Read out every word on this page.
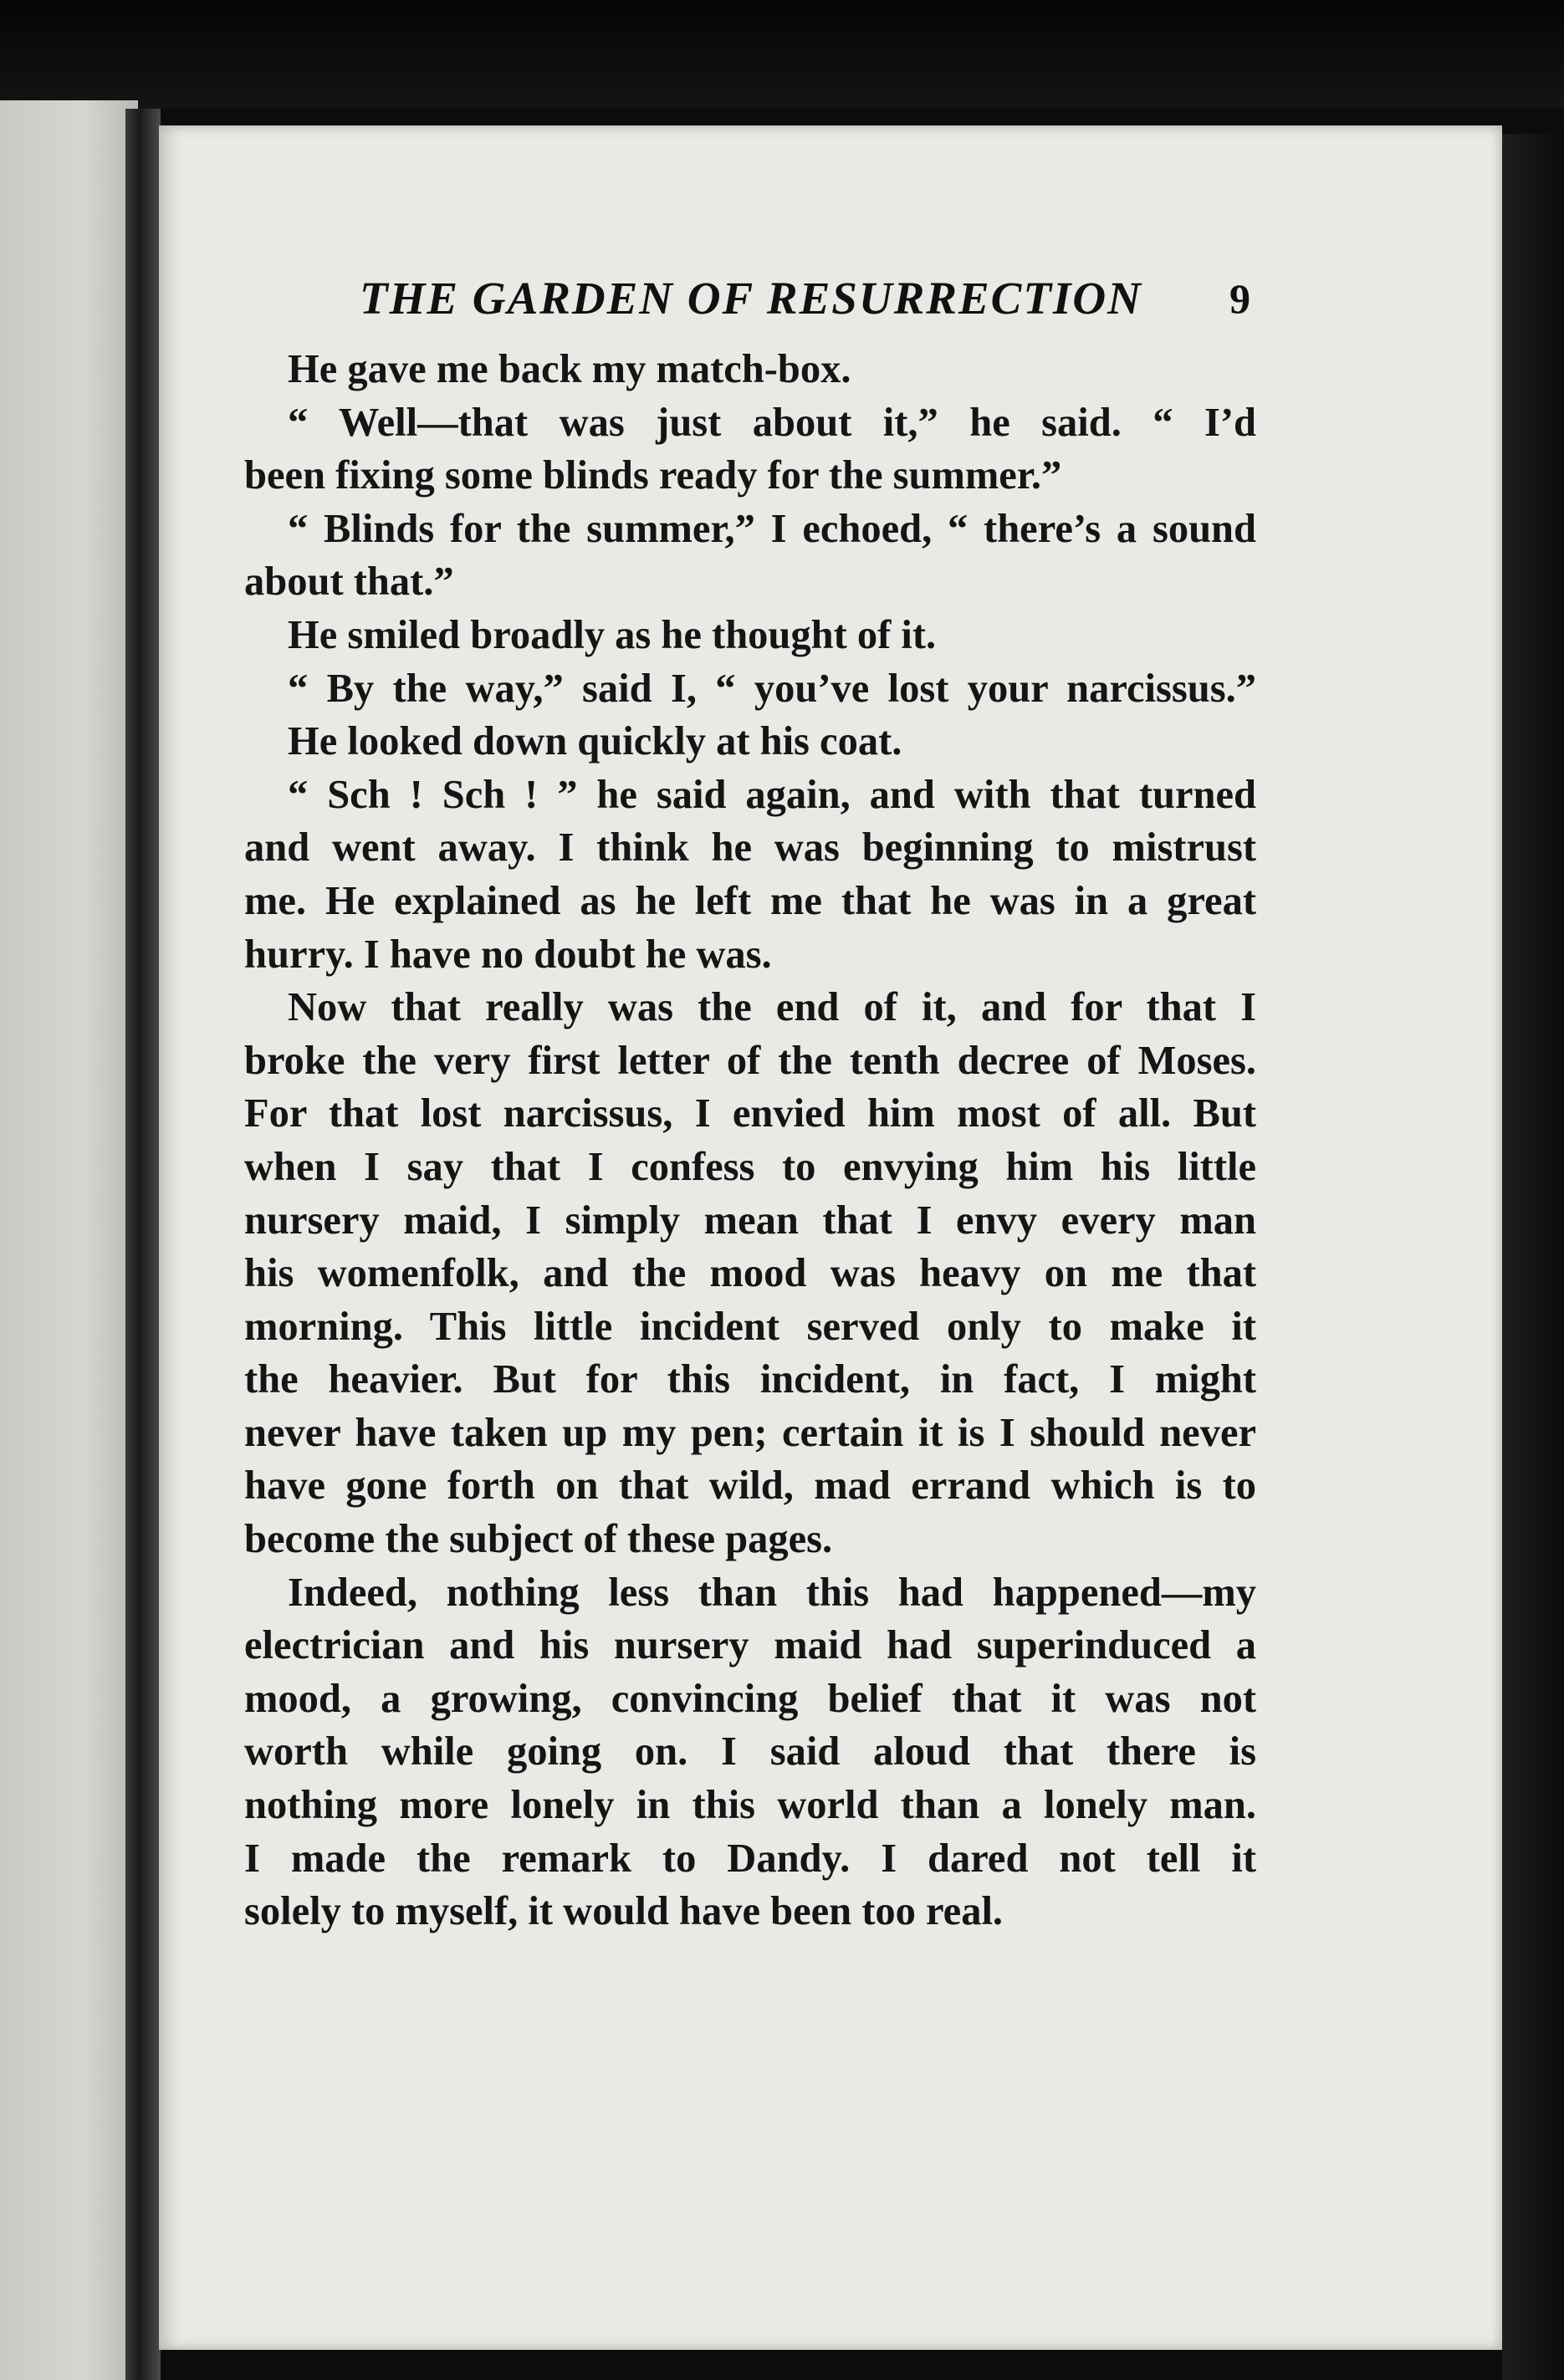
THE GARDEN OF RESURRECTION	9
He gave me back my match-box.
“ Well—that was just about it,” he said. “ I’d
been fixing some blinds ready for the summer.”
“ Blinds for the summer,” I echoed, “ there’s a sound
about that.”
He smiled broadly as he thought of it.
“ By the way,” said I, “ you’ve lost your narcissus.”
He looked down quickly at his coat.
“ Sch ! Sch ! ” he said again, and with that turned
and went away. I think he was beginning to mistrust
me. He explained as he left me that he was in a great
hurry. I have no doubt he was.
Now that really was the end of it, and for that I
broke the very first letter of the tenth decree of Moses.
For that lost narcissus, I envied him most of all. But
when I say that I confess to envying him his little
nursery maid, I simply mean that I envy every man
his womenfolk, and the mood was heavy on me that
morning. This little incident served only to make it
the heavier. But for this incident, in fact, I might
never have taken up my pen; certain it is I should never
have gone forth on that wild, mad errand which is to
become the subject of these pages.
Indeed, nothing less than this had happened—my
electrician and his nursery maid had superinduced a
mood, a growing, convincing belief that it was not
worth while going on. I said aloud that there is
nothing more lonely in this world than a lonely man.
I made the remark to Dandy. I dared not tell it
solely to myself, it would have been too real.
